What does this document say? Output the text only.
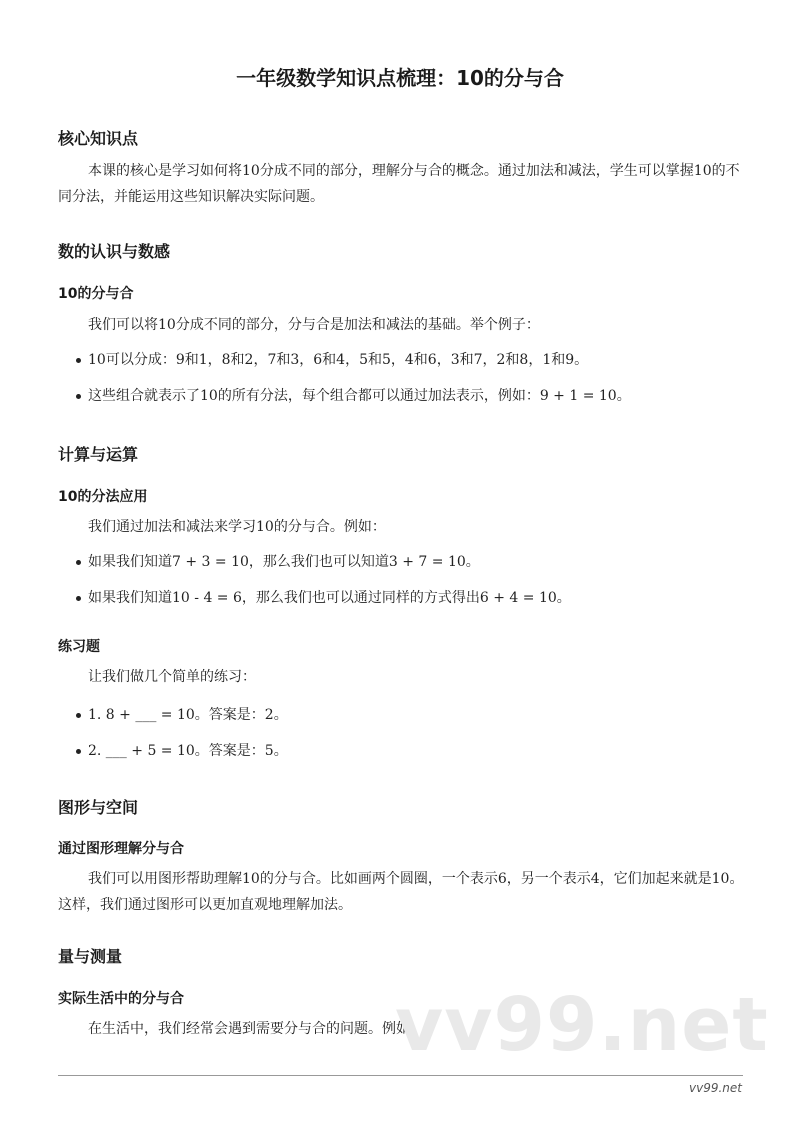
一年级数学知识点梳理：10的分与合
核心知识点

本课的核心是学习如何将10分成不同的部分，理解分与合的概念。通过加法和减法，学生可以掌握10的不同分法，并能运用这些知识解决实际问题。

数的认识与数感
10的分与合

我们可以将10分成不同的部分，分与合是加法和减法的基础。举个例子：

10可以分成：9和1，8和2，7和3，6和4，5和5，4和6，3和7，2和8，1和9。
这些组合就表示了10的所有分法，每个组合都可以通过加法表示，例如：9 + 1 = 10。
计算与运算
10的分法应用

我们通过加法和减法来学习10的分与合。例如：

如果我们知道7 + 3 = 10，那么我们也可以知道3 + 7 = 10。
如果我们知道10 - 4 = 6，那么我们也可以通过同样的方式得出6 + 4 = 10。
练习题

让我们做几个简单的练习：

1. 8 + ___ = 10。答案是：2。
2. ___ + 5 = 10。答案是：5。
图形与空间
通过图形理解分与合

我们可以用图形帮助理解10的分与合。比如画两个圆圈，一个表示6，另一个表示4，它们加起来就是10。这样，我们通过图形可以更加直观地理解加法。

量与测量
实际生活中的分与合

在生活中，我们经常会遇到需要分与合的问题。例如：

vv99.net
vv99.net
